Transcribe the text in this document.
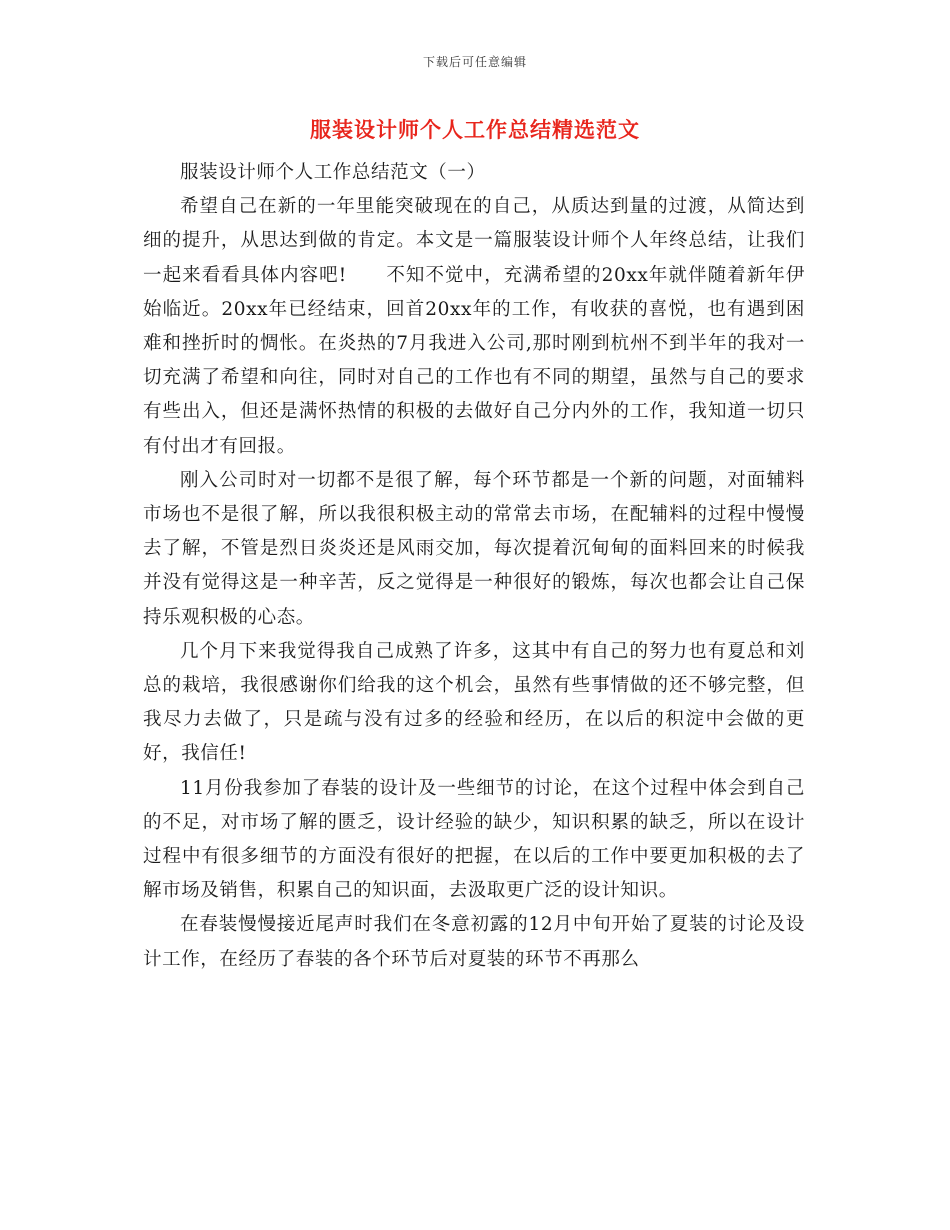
下载后可任意编辑
服装设计师个人工作总结精选范文

服装设计师个人工作总结范文（一）

希望自己在新的一年里能突破现在的自己，从质达到量的过渡，从简达到细的提升，从思达到做的肯定。本文是一篇服装设计师个人年终总结，让我们一起来看看具体内容吧!　　不知不觉中，充满希望的20xx年就伴随着新年伊始临近。20xx年已经结束，回首20xx年的工作，有收获的喜悦，也有遇到困难和挫折时的惆怅。在炎热的7月我进入公司,那时刚到杭州不到半年的我对一切充满了希望和向往，同时对自己的工作也有不同的期望，虽然与自己的要求有些出入，但还是满怀热情的积极的去做好自己分内外的工作，我知道一切只有付出才有回报。

刚入公司时对一切都不是很了解，每个环节都是一个新的问题，对面辅料市场也不是很了解，所以我很积极主动的常常去市场，在配辅料的过程中慢慢去了解，不管是烈日炎炎还是风雨交加，每次提着沉甸甸的面料回来的时候我并没有觉得这是一种辛苦，反之觉得是一种很好的锻炼，每次也都会让自己保持乐观积极的心态。

几个月下来我觉得我自己成熟了许多，这其中有自己的努力也有夏总和刘总的栽培，我很感谢你们给我的这个机会，虽然有些事情做的还不够完整，但我尽力去做了，只是疏与没有过多的经验和经历，在以后的积淀中会做的更好，我信任!

11月份我参加了春装的设计及一些细节的讨论，在这个过程中体会到自己的不足，对市场了解的匮乏，设计经验的缺少，知识积累的缺乏，所以在设计过程中有很多细节的方面没有很好的把握，在以后的工作中要更加积极的去了解市场及销售，积累自己的知识面，去汲取更广泛的设计知识。

在春装慢慢接近尾声时我们在冬意初露的12月中旬开始了夏装的讨论及设计工作，在经历了春装的各个环节后对夏装的环节不再那么
